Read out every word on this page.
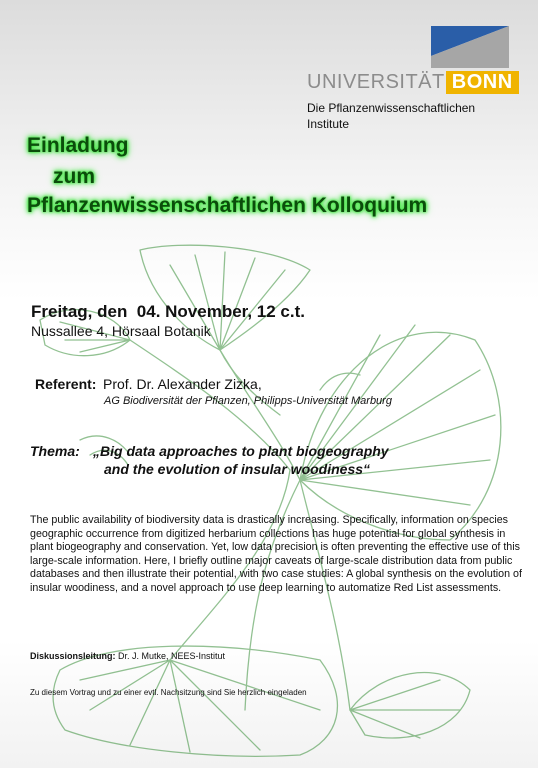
UNIVERSITÄT BONN
Die Pflanzenwissenschaftlichen
Institute
Einladung
zum
Pflanzenwissenschaftlichen Kolloquium
Freitag, den  04. November, 12 c.t.
Nussallee 4, Hörsaal Botanik
Referent: Prof. Dr. Alexander Zizka,
AG Biodiversität der Pflanzen, Philipps-Universität Marburg
Thema: „Big data approaches to plant biogeography
and the evolution of insular woodiness“
The public availability of biodiversity data is drastically increasing. Specifically, information on species geographic occurrence from digitized herbarium collections has huge potential for global synthesis in plant biogeography and conservation. Yet, low data precision is often preventing the effective use of this large-scale information. Here, I briefly outline major caveats of large-scale distribution data from public databases and then illustrate their potential, with two case studies: A global synthesis on the evolution of insular woodiness, and a novel approach to use deep learning to automatize Red List assessments.
Diskussionsleitung: Dr. J. Mutke, NEES-Institut
Zu diesem Vortrag und zu einer evtl. Nachsitzung sind Sie herzlich eingeladen
